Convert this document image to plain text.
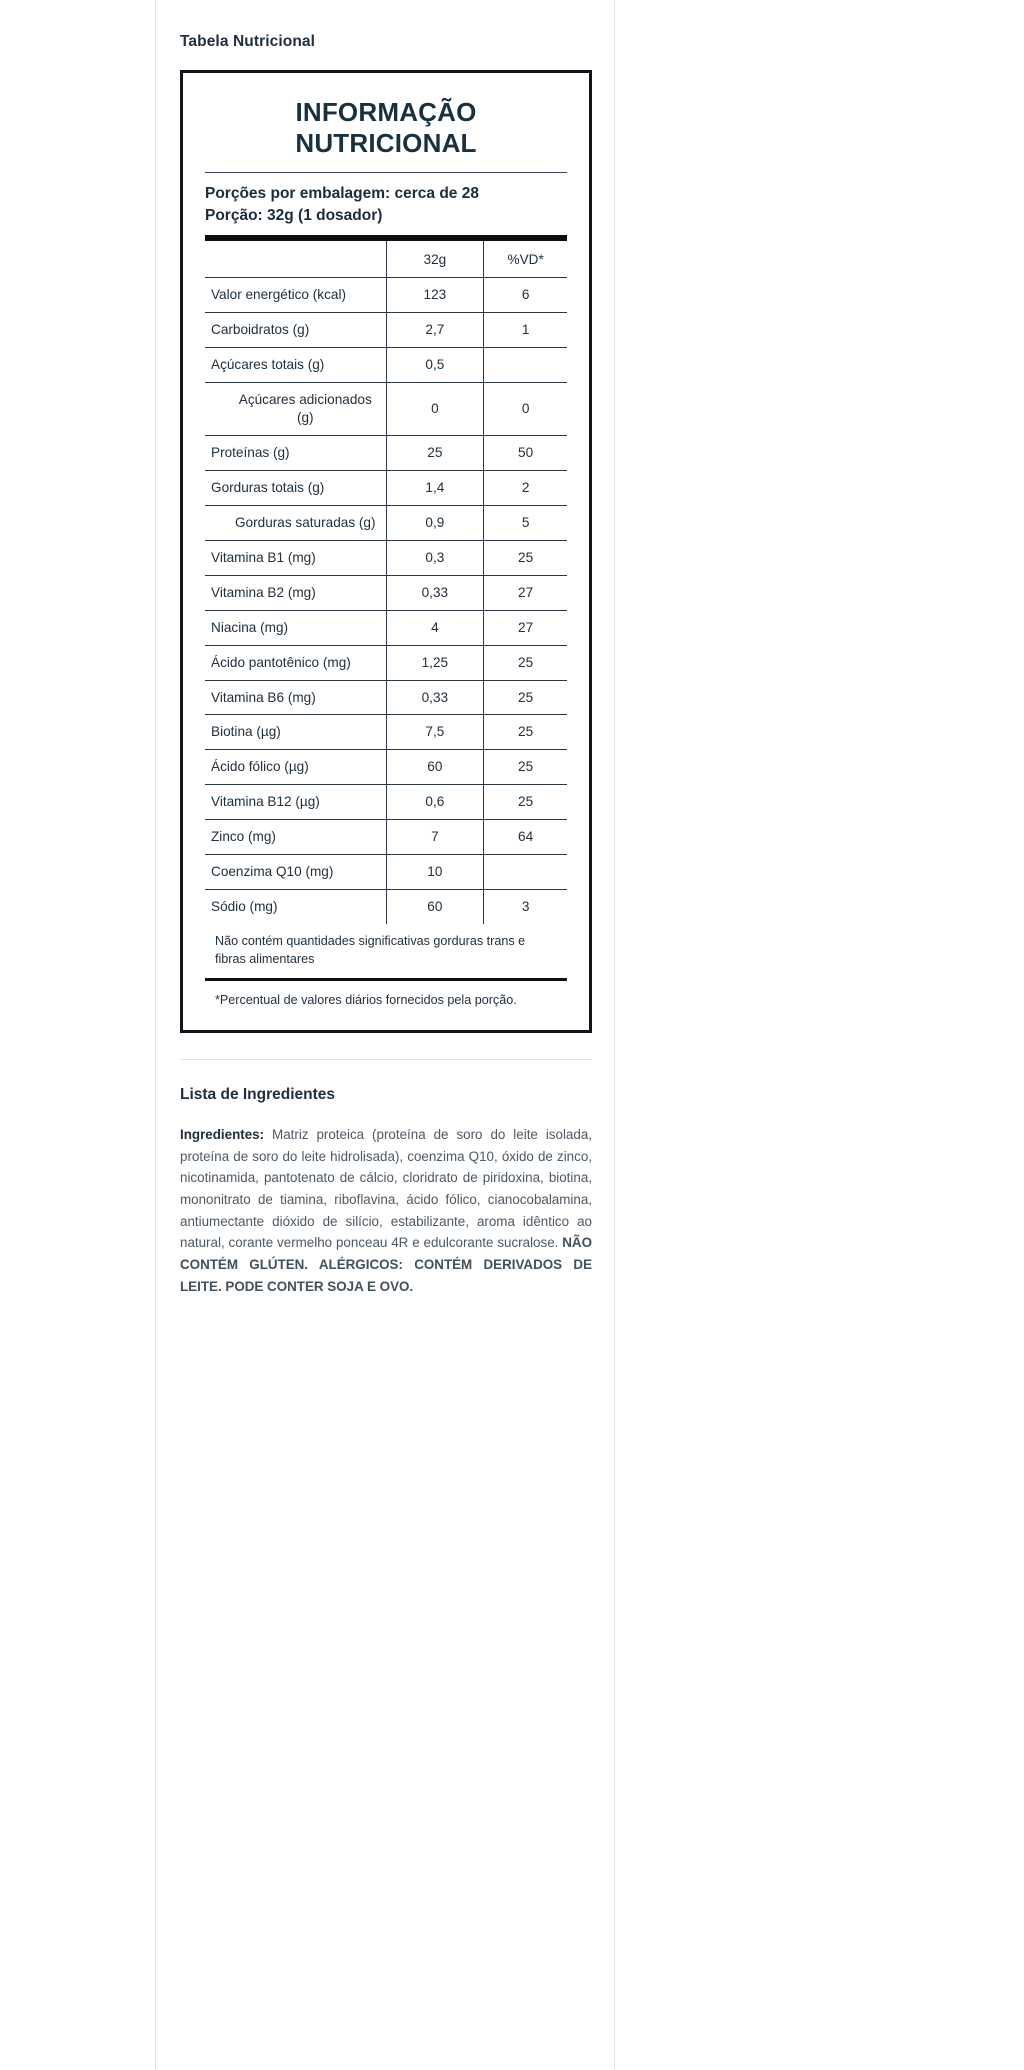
Tabela Nutricional
INFORMAÇÃO
NUTRICIONAL
Porções por embalagem: cerca de 28
Porção: 32g (1 dosador)
	32g	%VD*
Valor energético (kcal)	123	6
Carboidratos (g)	2,7	1
Açúcares totais (g)	0,5	
Açúcares adicionados (g)	0	0
Proteínas (g)	25	50
Gorduras totais (g)	1,4	2
Gorduras saturadas (g)	0,9	5
Vitamina B1 (mg)	0,3	25
Vitamina B2 (mg)	0,33	27
Niacina (mg)	4	27
Ácido pantotênico (mg)	1,25	25
Vitamina B6 (mg)	0,33	25
Biotina (µg)	7,5	25
Ácido fólico (µg)	60	25
Vitamina B12 (µg)	0,6	25
Zinco (mg)	7	64
Coenzima Q10 (mg)	10	
Sódio (mg)	60	3
Não contém quantidades significativas gorduras trans e fibras alimentares
*Percentual de valores diários fornecidos pela porção.
Lista de Ingredientes

Ingredientes: Matriz proteica (proteína de soro do leite isolada, proteína de soro do leite hidrolisada), coenzima Q10, óxido de zinco, nicotinamida, pantotenato de cálcio, cloridrato de piridoxina, biotina, mononitrato de tiamina, riboflavina, ácido fólico, cianocobalamina, antiumectante dióxido de silício, estabilizante, aroma idêntico ao natural, corante vermelho ponceau 4R e edulcorante sucralose. NÃO CONTÉM GLÚTEN. ALÉRGICOS: CONTÉM DERIVADOS DE LEITE. PODE CONTER SOJA E OVO.
